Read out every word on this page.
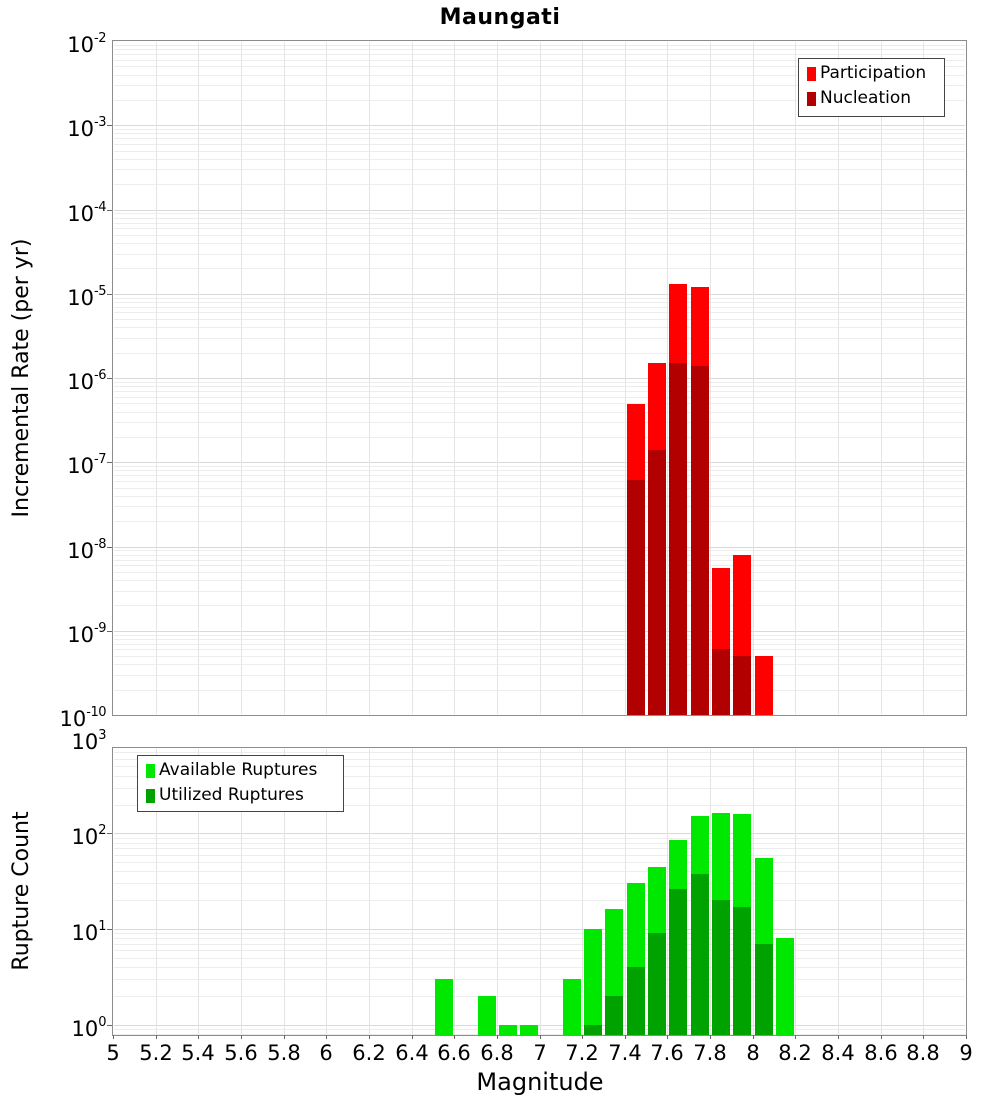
Maungati
Incremental Rate (per yr)
Rupture Count
Magnitude
Participation
Nucleation
Available Ruptures
Utilized Ruptures
$10^{-2}$
$10^{-3}$
$10^{-4}$
$10^{-5}$
$10^{-6}$
$10^{-7}$
$10^{-8}$
$10^{-9}$
$10^{-10}$
$10^3$
$10^2$
$10^1$
$10^0$
5 5.2 5.4 5.6 5.8 6 6.2 6.4 6.6 6.8 7 7.2 7.4 7.6 7.8 8 8.2 8.4 8.6 8.8 9
